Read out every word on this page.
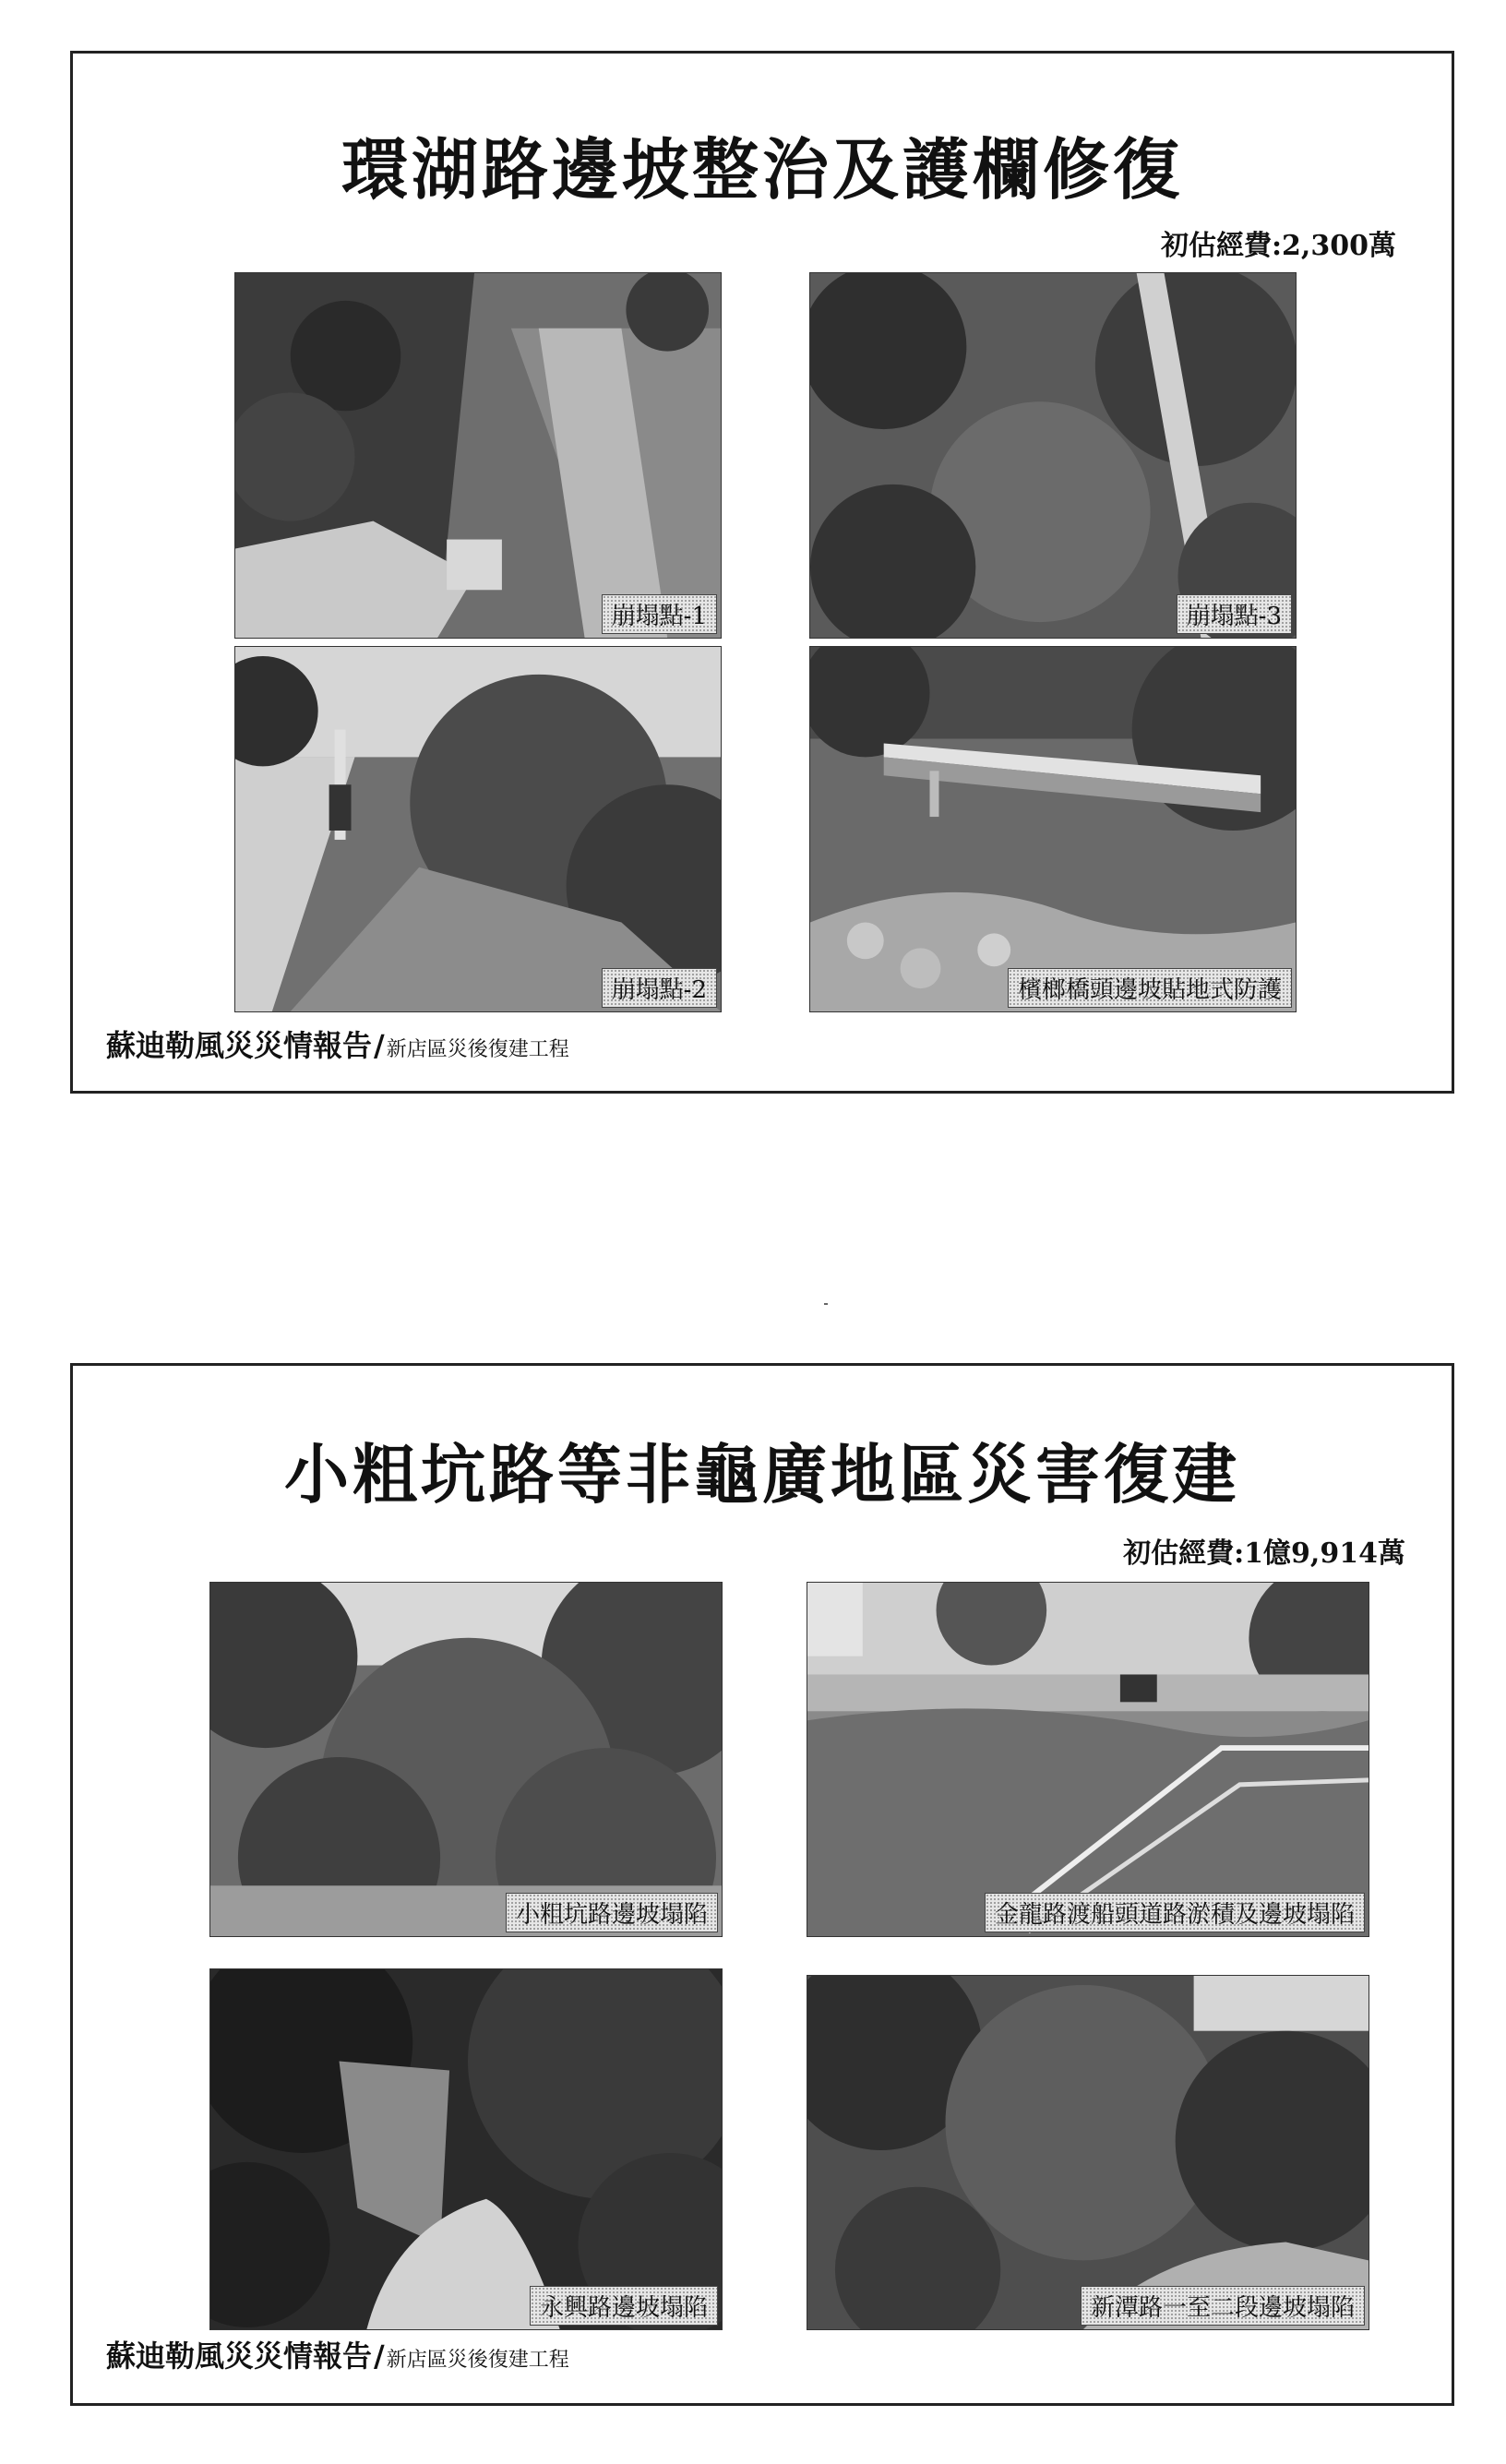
環湖路邊坡整治及護欄修復
初估經費:2,300萬
崩塌點-1	崩塌點-3
崩塌點-2	檳榔橋頭邊坡貼地式防護
蘇迪勒風災災情報告/新店區災後復建工程
小粗坑路等非龜廣地區災害復建
初估經費:1億9,914萬
小粗坑路邊坡塌陷	金龍路渡船頭道路淤積及邊坡塌陷
永興路邊坡塌陷	新潭路一至二段邊坡塌陷
蘇迪勒風災災情報告/新店區災後復建工程
